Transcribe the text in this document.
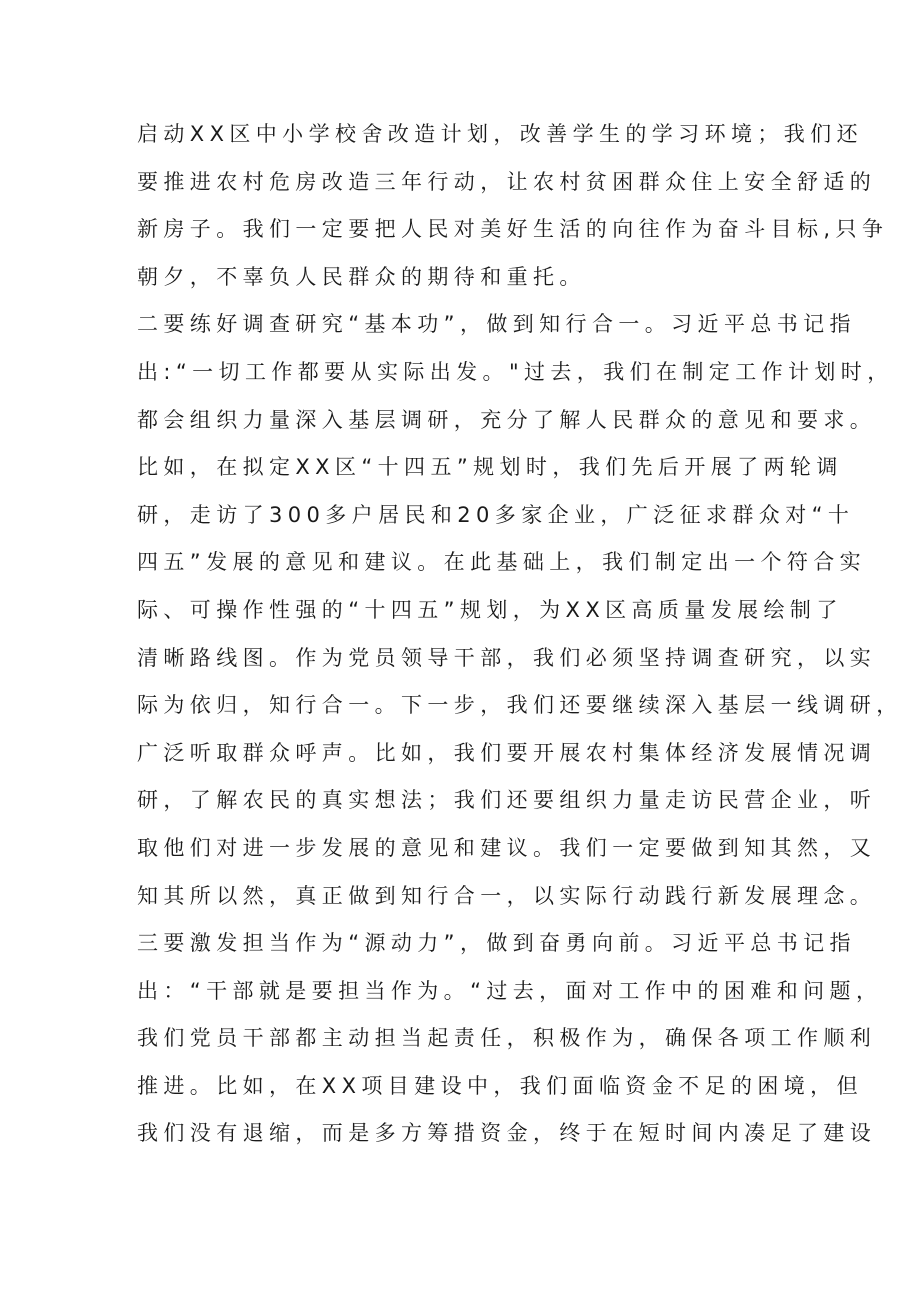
启动XX区中小学校舍改造计划，改善学生的学习环境；我们还
要推进农村危房改造三年行动，让农村贫困群众住上安全舒适的
新房子。我们一定要把人民对美好生活的向往作为奋斗目标,只争
朝夕，不辜负人民群众的期待和重托。
二要练好调查研究“基本功”，做到知行合一。习近平总书记指
出:“一切工作都要从实际出发。"过去，我们在制定工作计划时，
都会组织力量深入基层调研，充分了解人民群众的意见和要求。
比如，在拟定XX区“十四五”规划时，我们先后开展了两轮调
研，走访了300多户居民和20多家企业，广泛征求群众对“十
四五”发展的意见和建议。在此基础上，我们制定出一个符合实
际、可操作性强的“十四五”规划，为XX区高质量发展绘制了
清晰路线图。作为党员领导干部，我们必须坚持调查研究，以实
际为依归，知行合一。下一步，我们还要继续深入基层一线调研，
广泛听取群众呼声。比如，我们要开展农村集体经济发展情况调
研，了解农民的真实想法；我们还要组织力量走访民营企业，听
取他们对进一步发展的意见和建议。我们一定要做到知其然，又
知其所以然，真正做到知行合一，以实际行动践行新发展理念。
三要激发担当作为“源动力”，做到奋勇向前。习近平总书记指
出：“干部就是要担当作为。“过去，面对工作中的困难和问题，
我们党员干部都主动担当起责任，积极作为，确保各项工作顺利
推进。比如，在XX项目建设中，我们面临资金不足的困境，但
我们没有退缩，而是多方筹措资金，终于在短时间内凑足了建设
